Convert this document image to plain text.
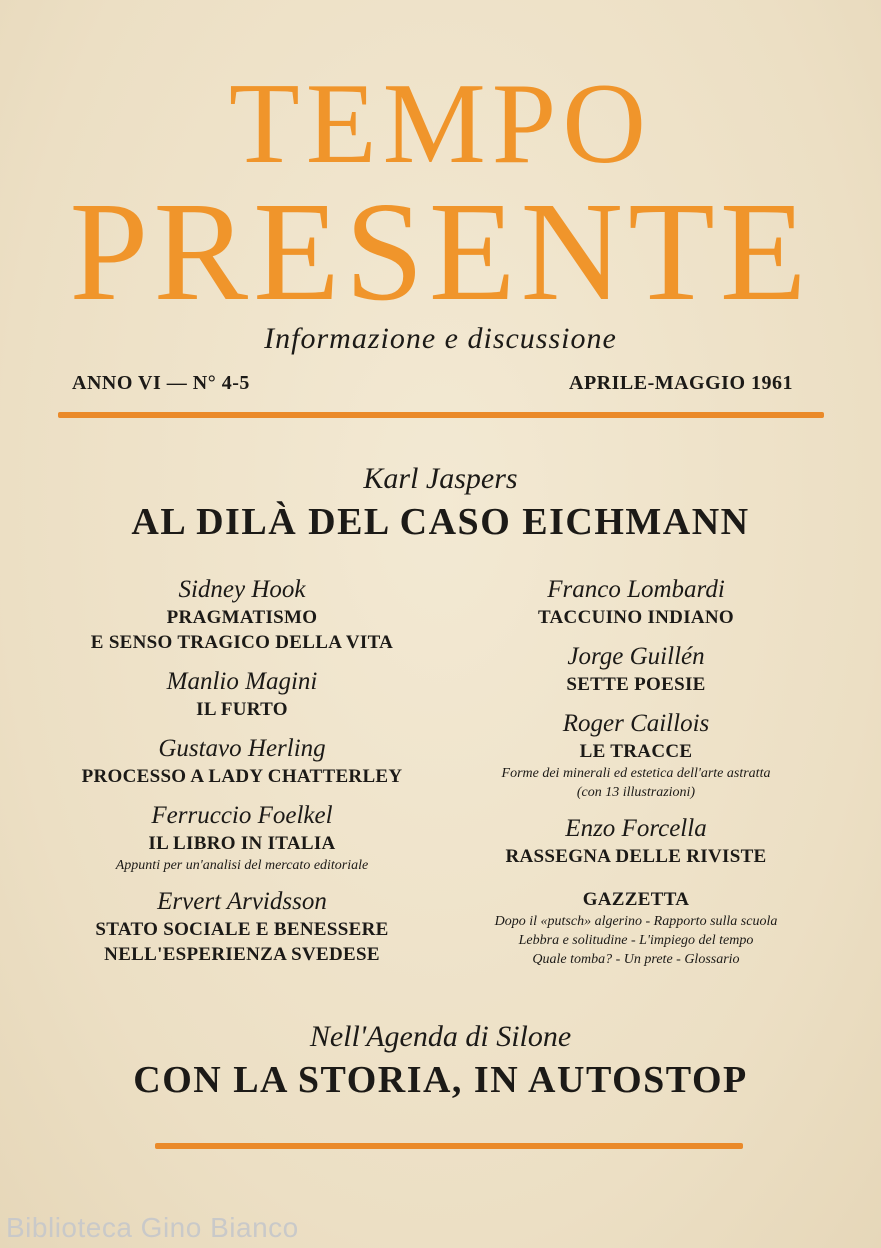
TEMPO
PRESENTE
Informazione e discussione
ANNO VI — N° 4-5	APRILE-MAGGIO 1961
Karl Jaspers
AL DILÀ DEL CASO EICHMANN
Sidney Hook
PRAGMATISMO
E SENSO TRAGICO DELLA VITA
Manlio Magini
IL FURTO
Gustavo Herling
PROCESSO A LADY CHATTERLEY
Ferruccio Foelkel
IL LIBRO IN ITALIA
Appunti per un'analisi del mercato editoriale
Ervert Arvidsson
STATO SOCIALE E BENESSERE
NELL'ESPERIENZA SVEDESE
Franco Lombardi
TACCUINO INDIANO
Jorge Guillén
SETTE POESIE
Roger Caillois
LE TRACCE
Forme dei minerali ed estetica dell'arte astratta
(con 13 illustrazioni)
Enzo Forcella
RASSEGNA DELLE RIVISTE
GAZZETTA
Dopo il «putsch» algerino - Rapporto sulla scuola
Lebbra e solitudine - L'impiego del tempo
Quale tomba? - Un prete - Glossario
Nell'Agenda di Silone
CON LA STORIA, IN AUTOSTOP
Biblioteca Gino Bianco
